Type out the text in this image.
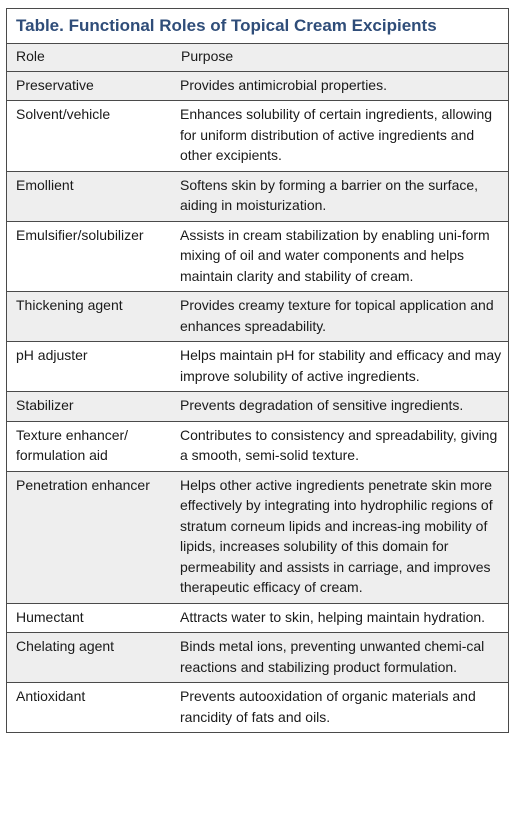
Table. Functional Roles of Topical Cream Excipients
Role	Purpose
Preservative	Provides antimicrobial properties.
Solvent/vehicle	Enhances solubility of certain ingredients, allowing for uniform distribution of active ingredients and other excipients.
Emollient	Softens skin by forming a barrier on the surface, aiding in moisturization.
Emulsifier/solubilizer	Assists in cream stabilization by enabling uni-form mixing of oil and water components and helps maintain clarity and stability of cream.
Thickening agent	Provides creamy texture for topical application and enhances spreadability.
pH adjuster	Helps maintain pH for stability and efficacy and may improve solubility of active ingredients.
Stabilizer	Prevents degradation of sensitive ingredients.
Texture enhancer/ formulation aid	Contributes to consistency and spreadability, giving a smooth, semi-solid texture.
Penetration enhancer	Helps other active ingredients penetrate skin more effectively by integrating into hydrophilic regions of stratum corneum lipids and increas-ing mobility of lipids, increases solubility of this domain for permeability and assists in carriage, and improves therapeutic efficacy of cream.
Humectant	Attracts water to skin, helping maintain hydration.
Chelating agent	Binds metal ions, preventing unwanted chemi-cal reactions and stabilizing product formulation.
Antioxidant	Prevents autooxidation of organic materials and rancidity of fats and oils.
